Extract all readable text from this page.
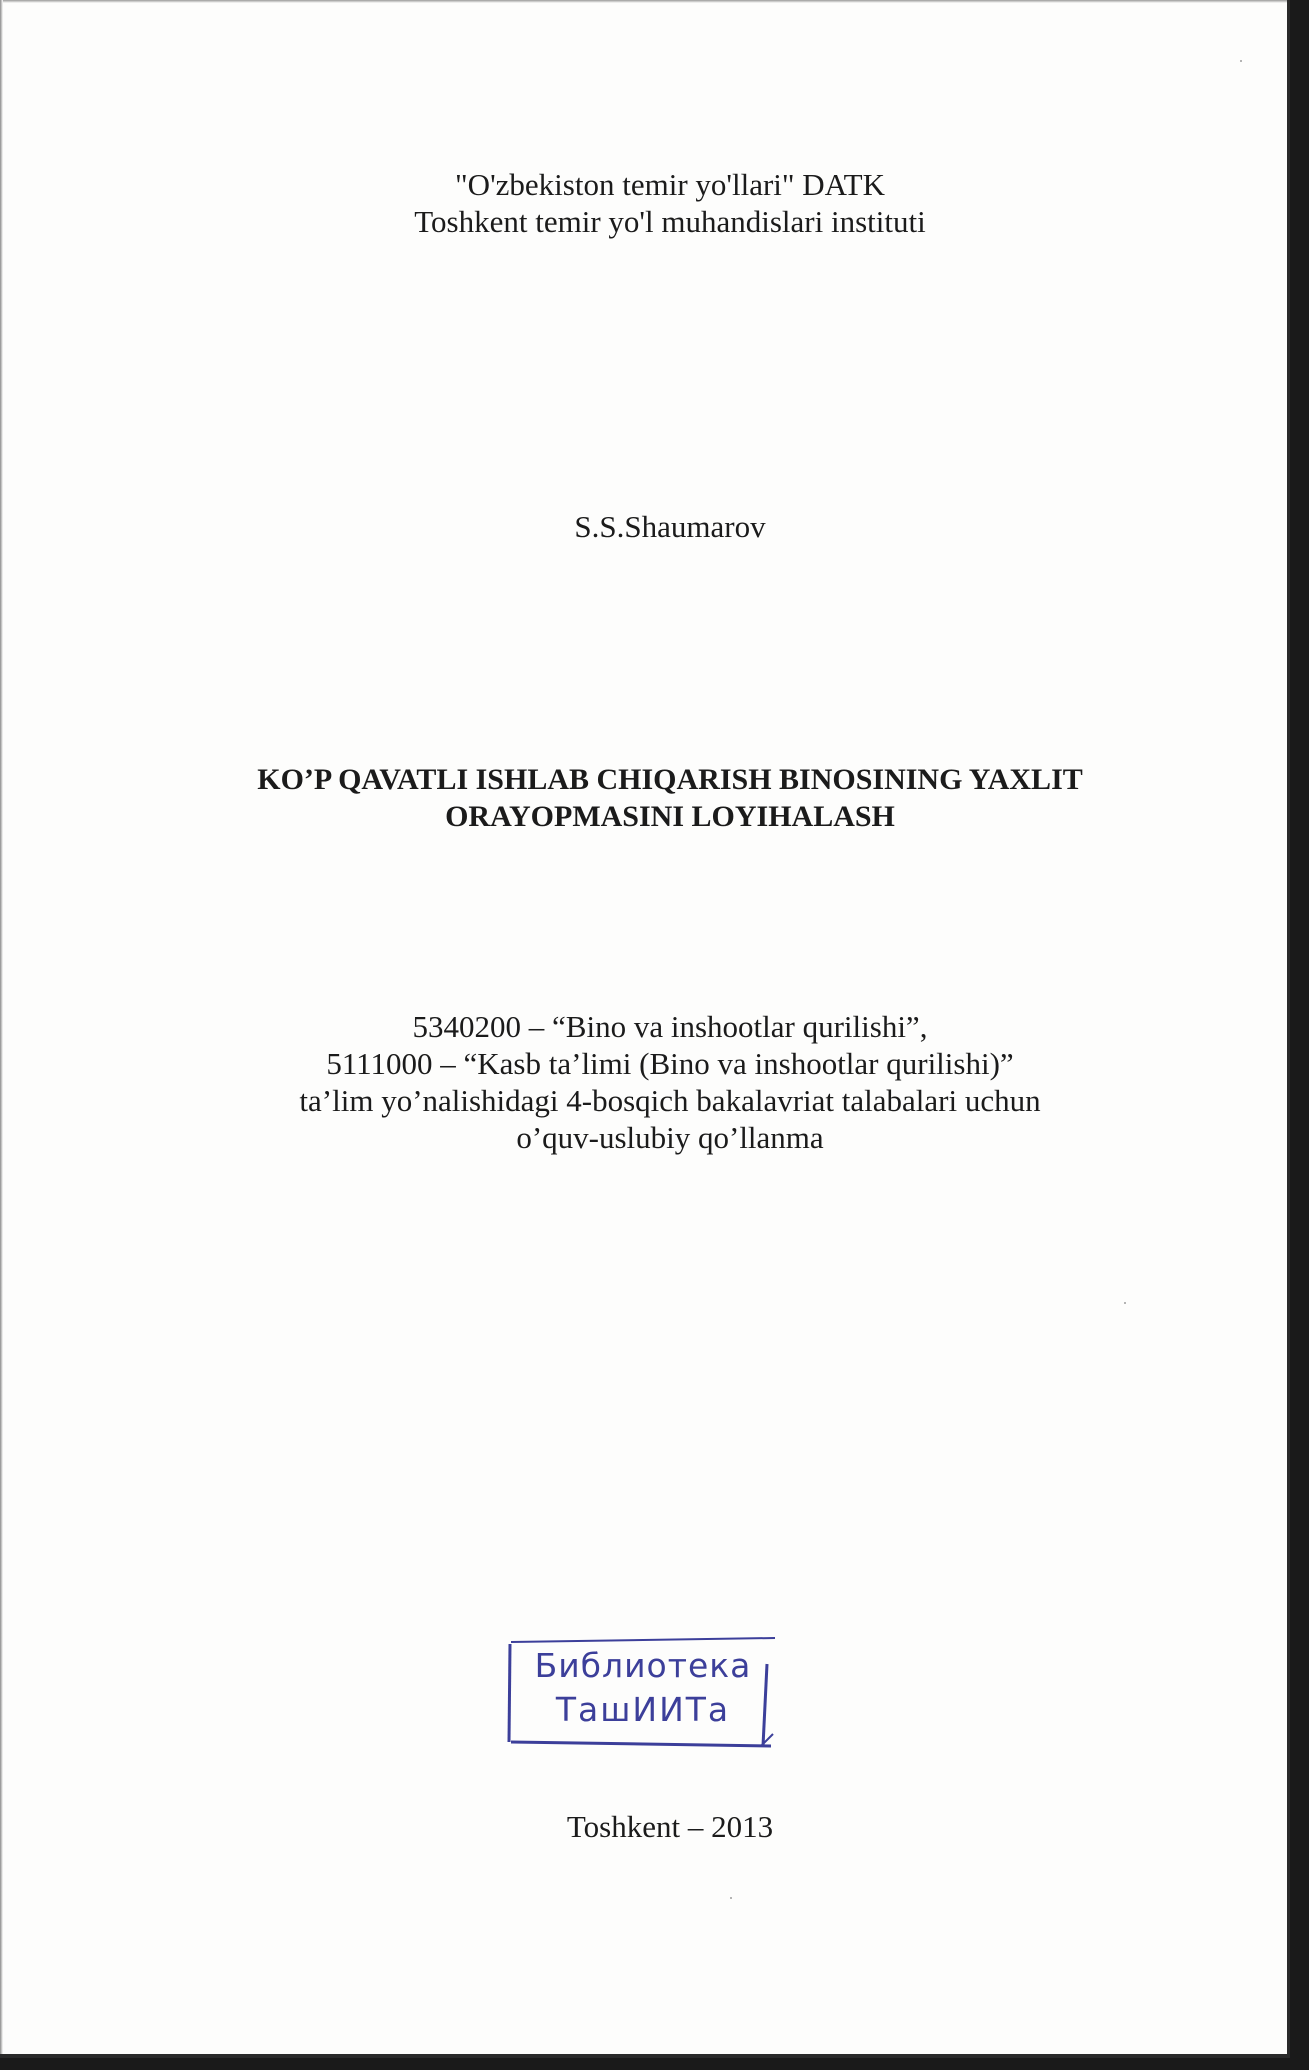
"O'zbekiston temir yo'llari" DATK
Toshkent temir yo'l muhandislari instituti
S.S.Shaumarov
KO’P QAVATLI ISHLAB CHIQARISH BINOSINING YAXLIT
ORAYOPMASINI LOYIHALASH
5340200 – “Bino va inshootlar qurilishi”,
5111000 – “Kasb ta’limi (Bino va inshootlar qurilishi)”
ta’lim yo’nalishidagi 4-bosqich bakalavriat talabalari uchun
o’quv-uslubiy qo’llanma
Библиотека
ТашИИТа
Toshkent – 2013
